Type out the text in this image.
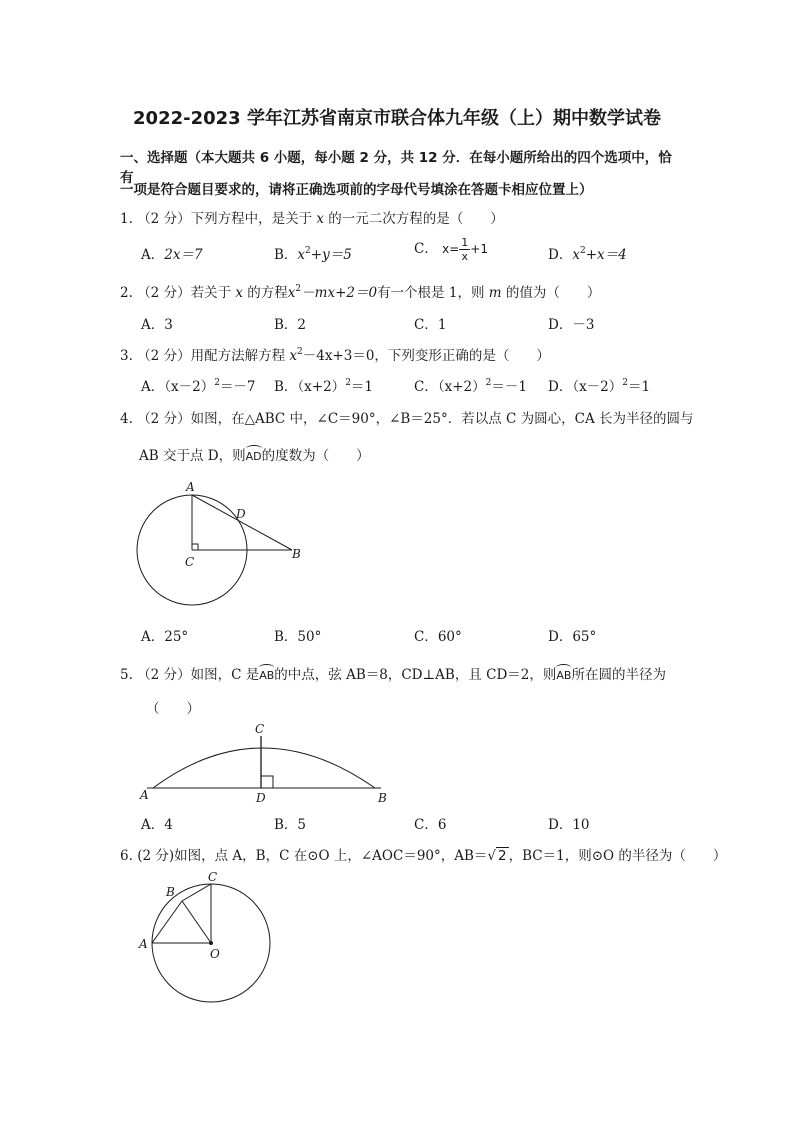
2022-2023 学年江苏省南京市联合体九年级（上）期中数学试卷
一、选择题（本大题共 6 小题，每小题 2 分，共 12 分．在每小题所给出的四个选项中，恰有
一项是符合题目要求的，请将正确选项前的字母代号填涂在答题卡相应位置上）
1. （2 分）下列方程中，是关于 x 的一元二次方程的是（　　）
A．2x＝7	B．$x^2+y=5$	C． $x= \frac{1}{x} +1$	D．$x^2+x=4$
2. （2 分）若关于 x 的方程$x^2-mx+2=0$有一个根是 1，则 m 的值为（　　）
A．3	B．2	C．1	D．－3
3. （2 分）用配方法解方程 $x^2-4x+3=0$，下列变形正确的是（　　）
A．$(x-2)^2=-7$ B．$(x+2)^2=1$	C．$(x+2)^2=-1$ D．$(x-2)^2=1$
4. （2 分）如图，在△ABC 中，∠C＝90°，∠B＝25°．若以点 C 为圆心，CA 长为半径的圆与
AB 交于点 D，则AD的度数为（　　）
A
D
C
B
A．25°	B．50°	C．60°	D．65°
5. （2 分）如图，C 是AB的中点，弦 AB＝8，CD⊥AB，且 CD＝2，则AB所在圆的半径为
（　　）
C
A	D	B
A．4	B．5	C．6	D．10
6. (2 分)如图，点 A，B，C 在⊙O 上，∠AOC＝90°，AB＝√ 2 ，BC＝1，则⊙O 的半径为（　　）
B
C
A
O
